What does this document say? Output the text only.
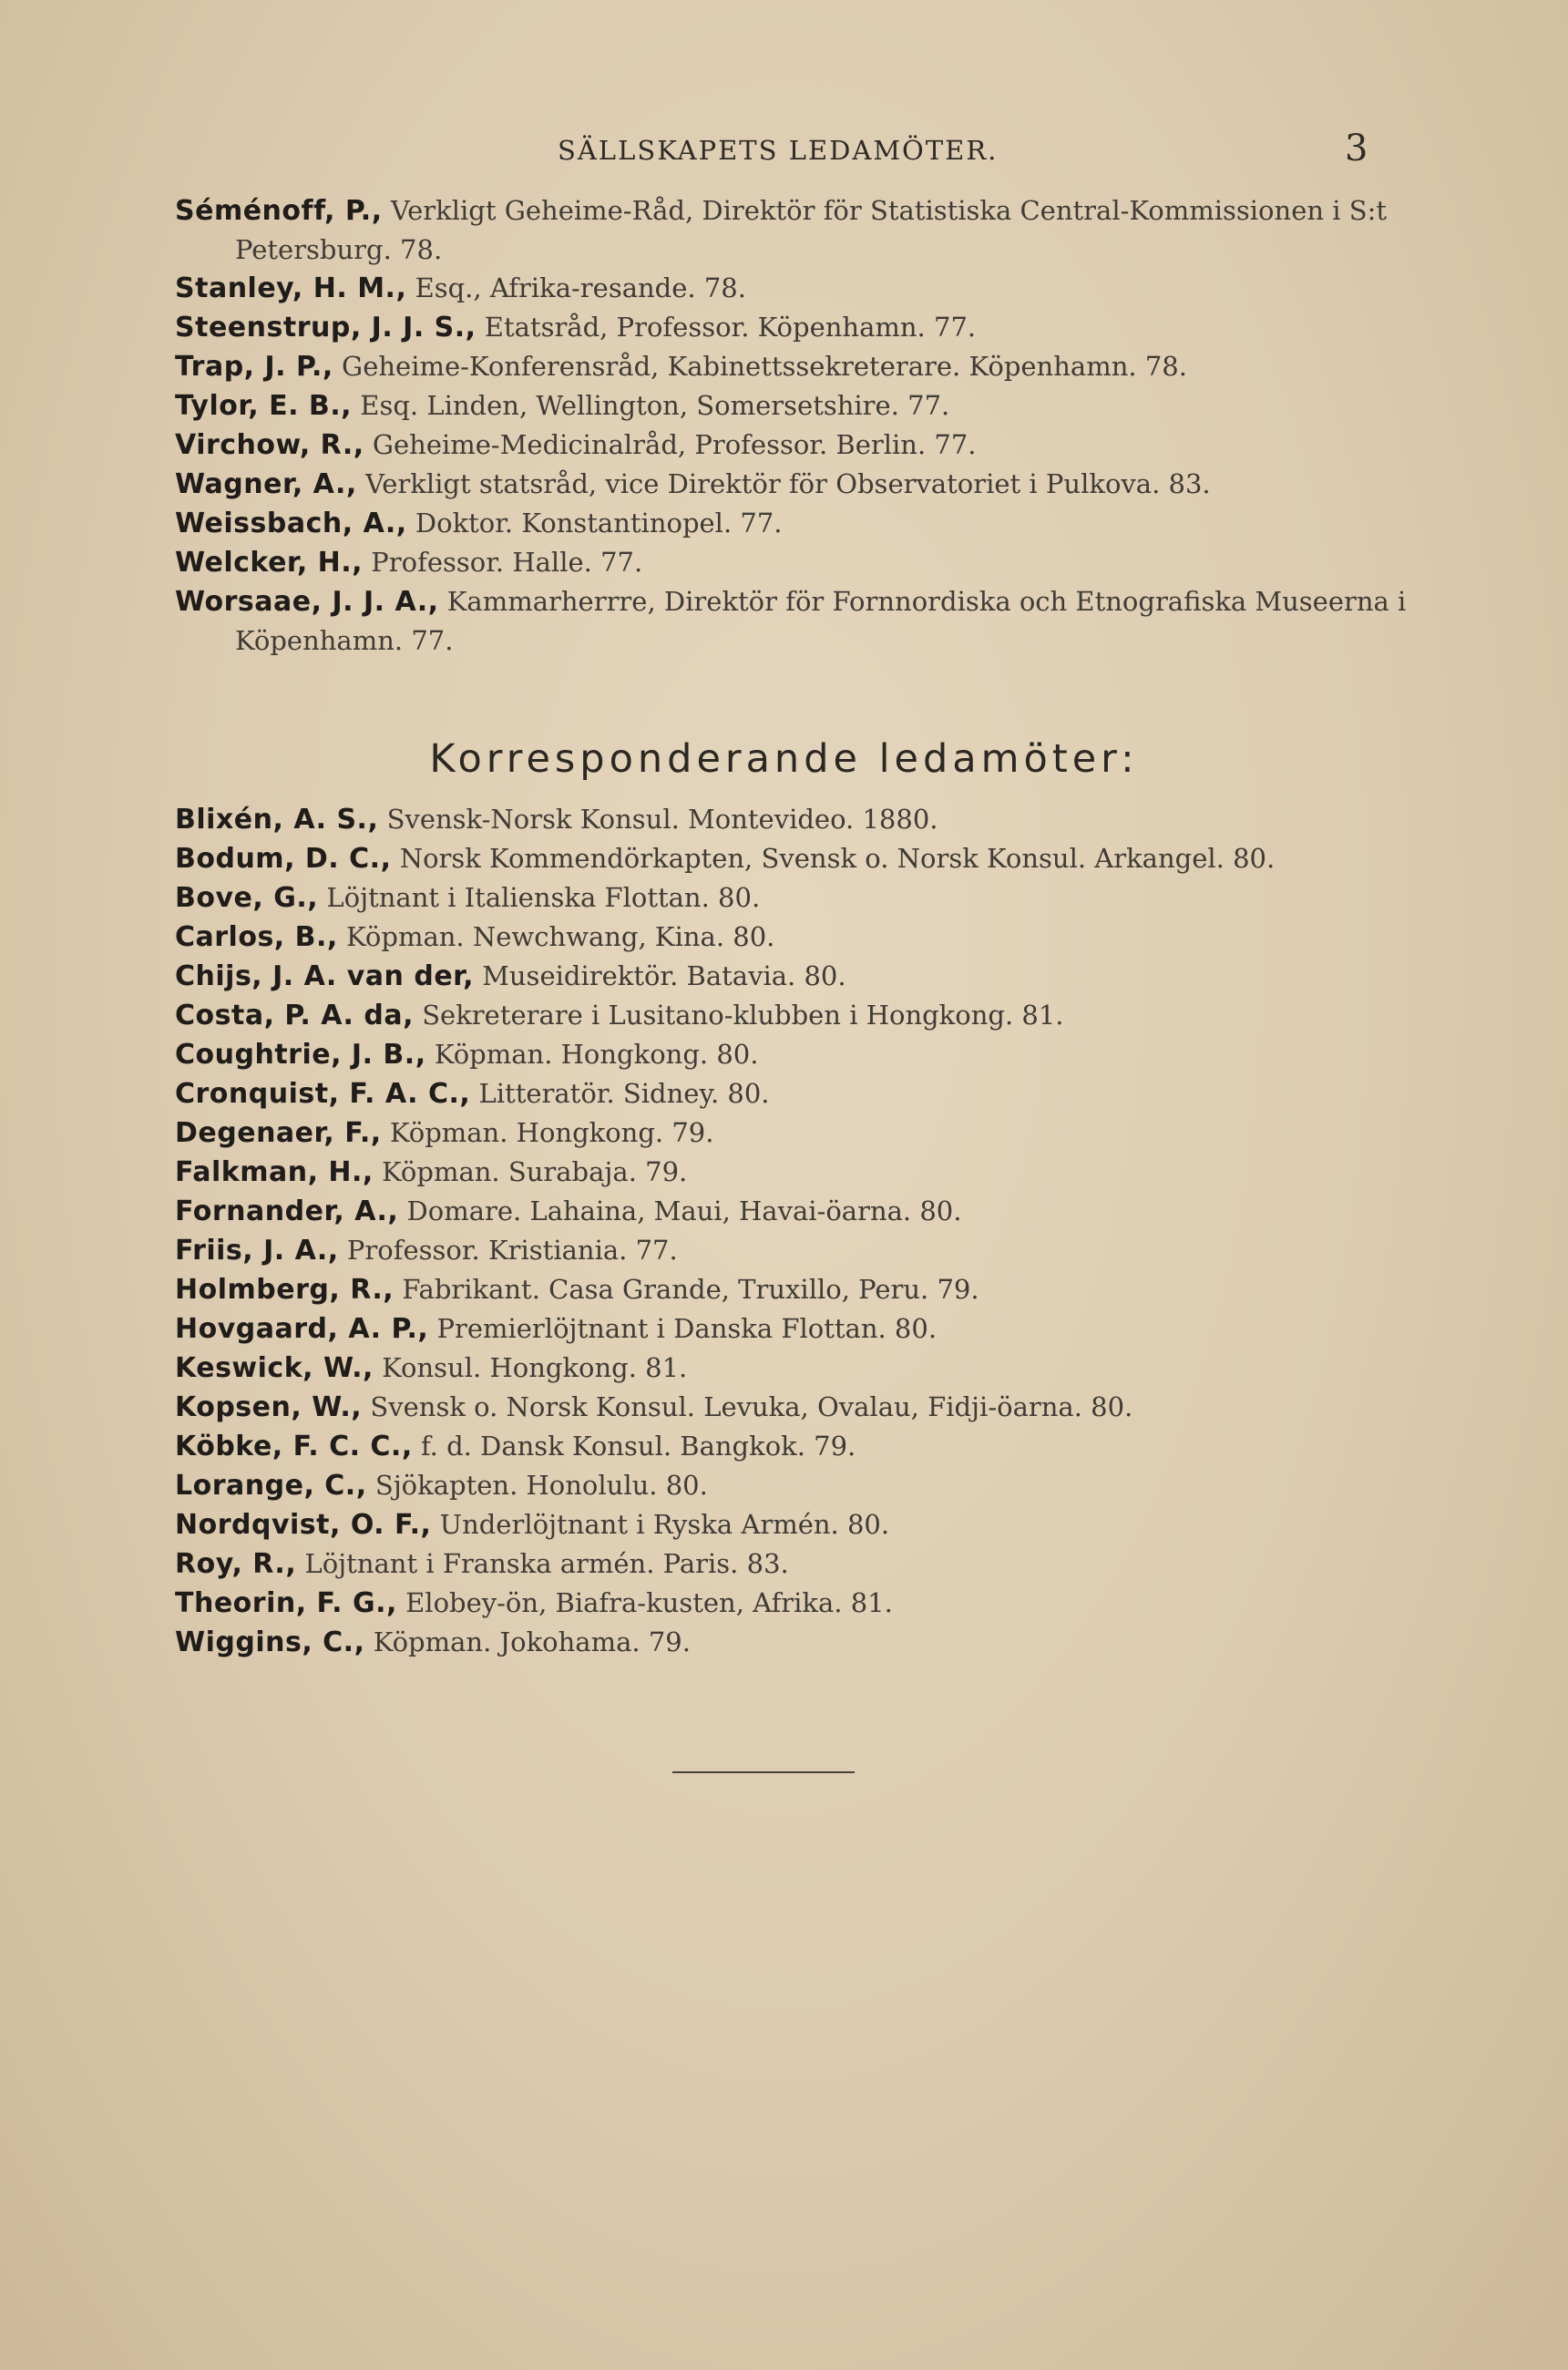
SÄLLSKAPETS LEDAMÖTER.	3
Séménoff, P., Verkligt Geheime-Råd, Direktör för Statistiska Central-Kommissionen i S:t Petersburg. 78.
Stanley, H. M., Esq., Afrika-resande. 78.
Steenstrup, J. J. S., Etatsråd, Professor. Köpenhamn. 77.
Trap, J. P., Geheime-Konferensråd, Kabinettssekreterare. Köpenhamn. 78.
Tylor, E. B., Esq. Linden, Wellington, Somersetshire. 77.
Virchow, R., Geheime-Medicinalråd, Professor. Berlin. 77.
Wagner, A., Verkligt statsråd, vice Direktör för Observatoriet i Pulkova. 83.
Weissbach, A., Doktor. Konstantinopel. 77.
Welcker, H., Professor. Halle. 77.
Worsaae, J. J. A., Kammarherrre, Direktör för Fornnordiska och Etnografiska Museerna i Köpenhamn. 77.
Korresponderande ledamöter:
Blixén, A. S., Svensk-Norsk Konsul. Montevideo. 1880.
Bodum, D. C., Norsk Kommendörkapten, Svensk o. Norsk Konsul. Arkangel. 80.
Bove, G., Löjtnant i Italienska Flottan. 80.
Carlos, B., Köpman. Newchwang, Kina. 80.
Chijs, J. A. van der, Museidirektör. Batavia. 80.
Costa, P. A. da, Sekreterare i Lusitano-klubben i Hongkong. 81.
Coughtrie, J. B., Köpman. Hongkong. 80.
Cronquist, F. A. C., Litteratör. Sidney. 80.
Degenaer, F., Köpman. Hongkong. 79.
Falkman, H., Köpman. Surabaja. 79.
Fornander, A., Domare. Lahaina, Maui, Havai-öarna. 80.
Friis, J. A., Professor. Kristiania. 77.
Holmberg, R., Fabrikant. Casa Grande, Truxillo, Peru. 79.
Hovgaard, A. P., Premierlöjtnant i Danska Flottan. 80.
Keswick, W., Konsul. Hongkong. 81.
Kopsen, W., Svensk o. Norsk Konsul. Levuka, Ovalau, Fidji-öarna. 80.
Köbke, F. C. C., f. d. Dansk Konsul. Bangkok. 79.
Lorange, C., Sjökapten. Honolulu. 80.
Nordqvist, O. F., Underlöjtnant i Ryska Armén. 80.
Roy, R., Löjtnant i Franska armén. Paris. 83.
Theorin, F. G., Elobey-ön, Biafra-kusten, Afrika. 81.
Wiggins, C., Köpman. Jokohama. 79.
